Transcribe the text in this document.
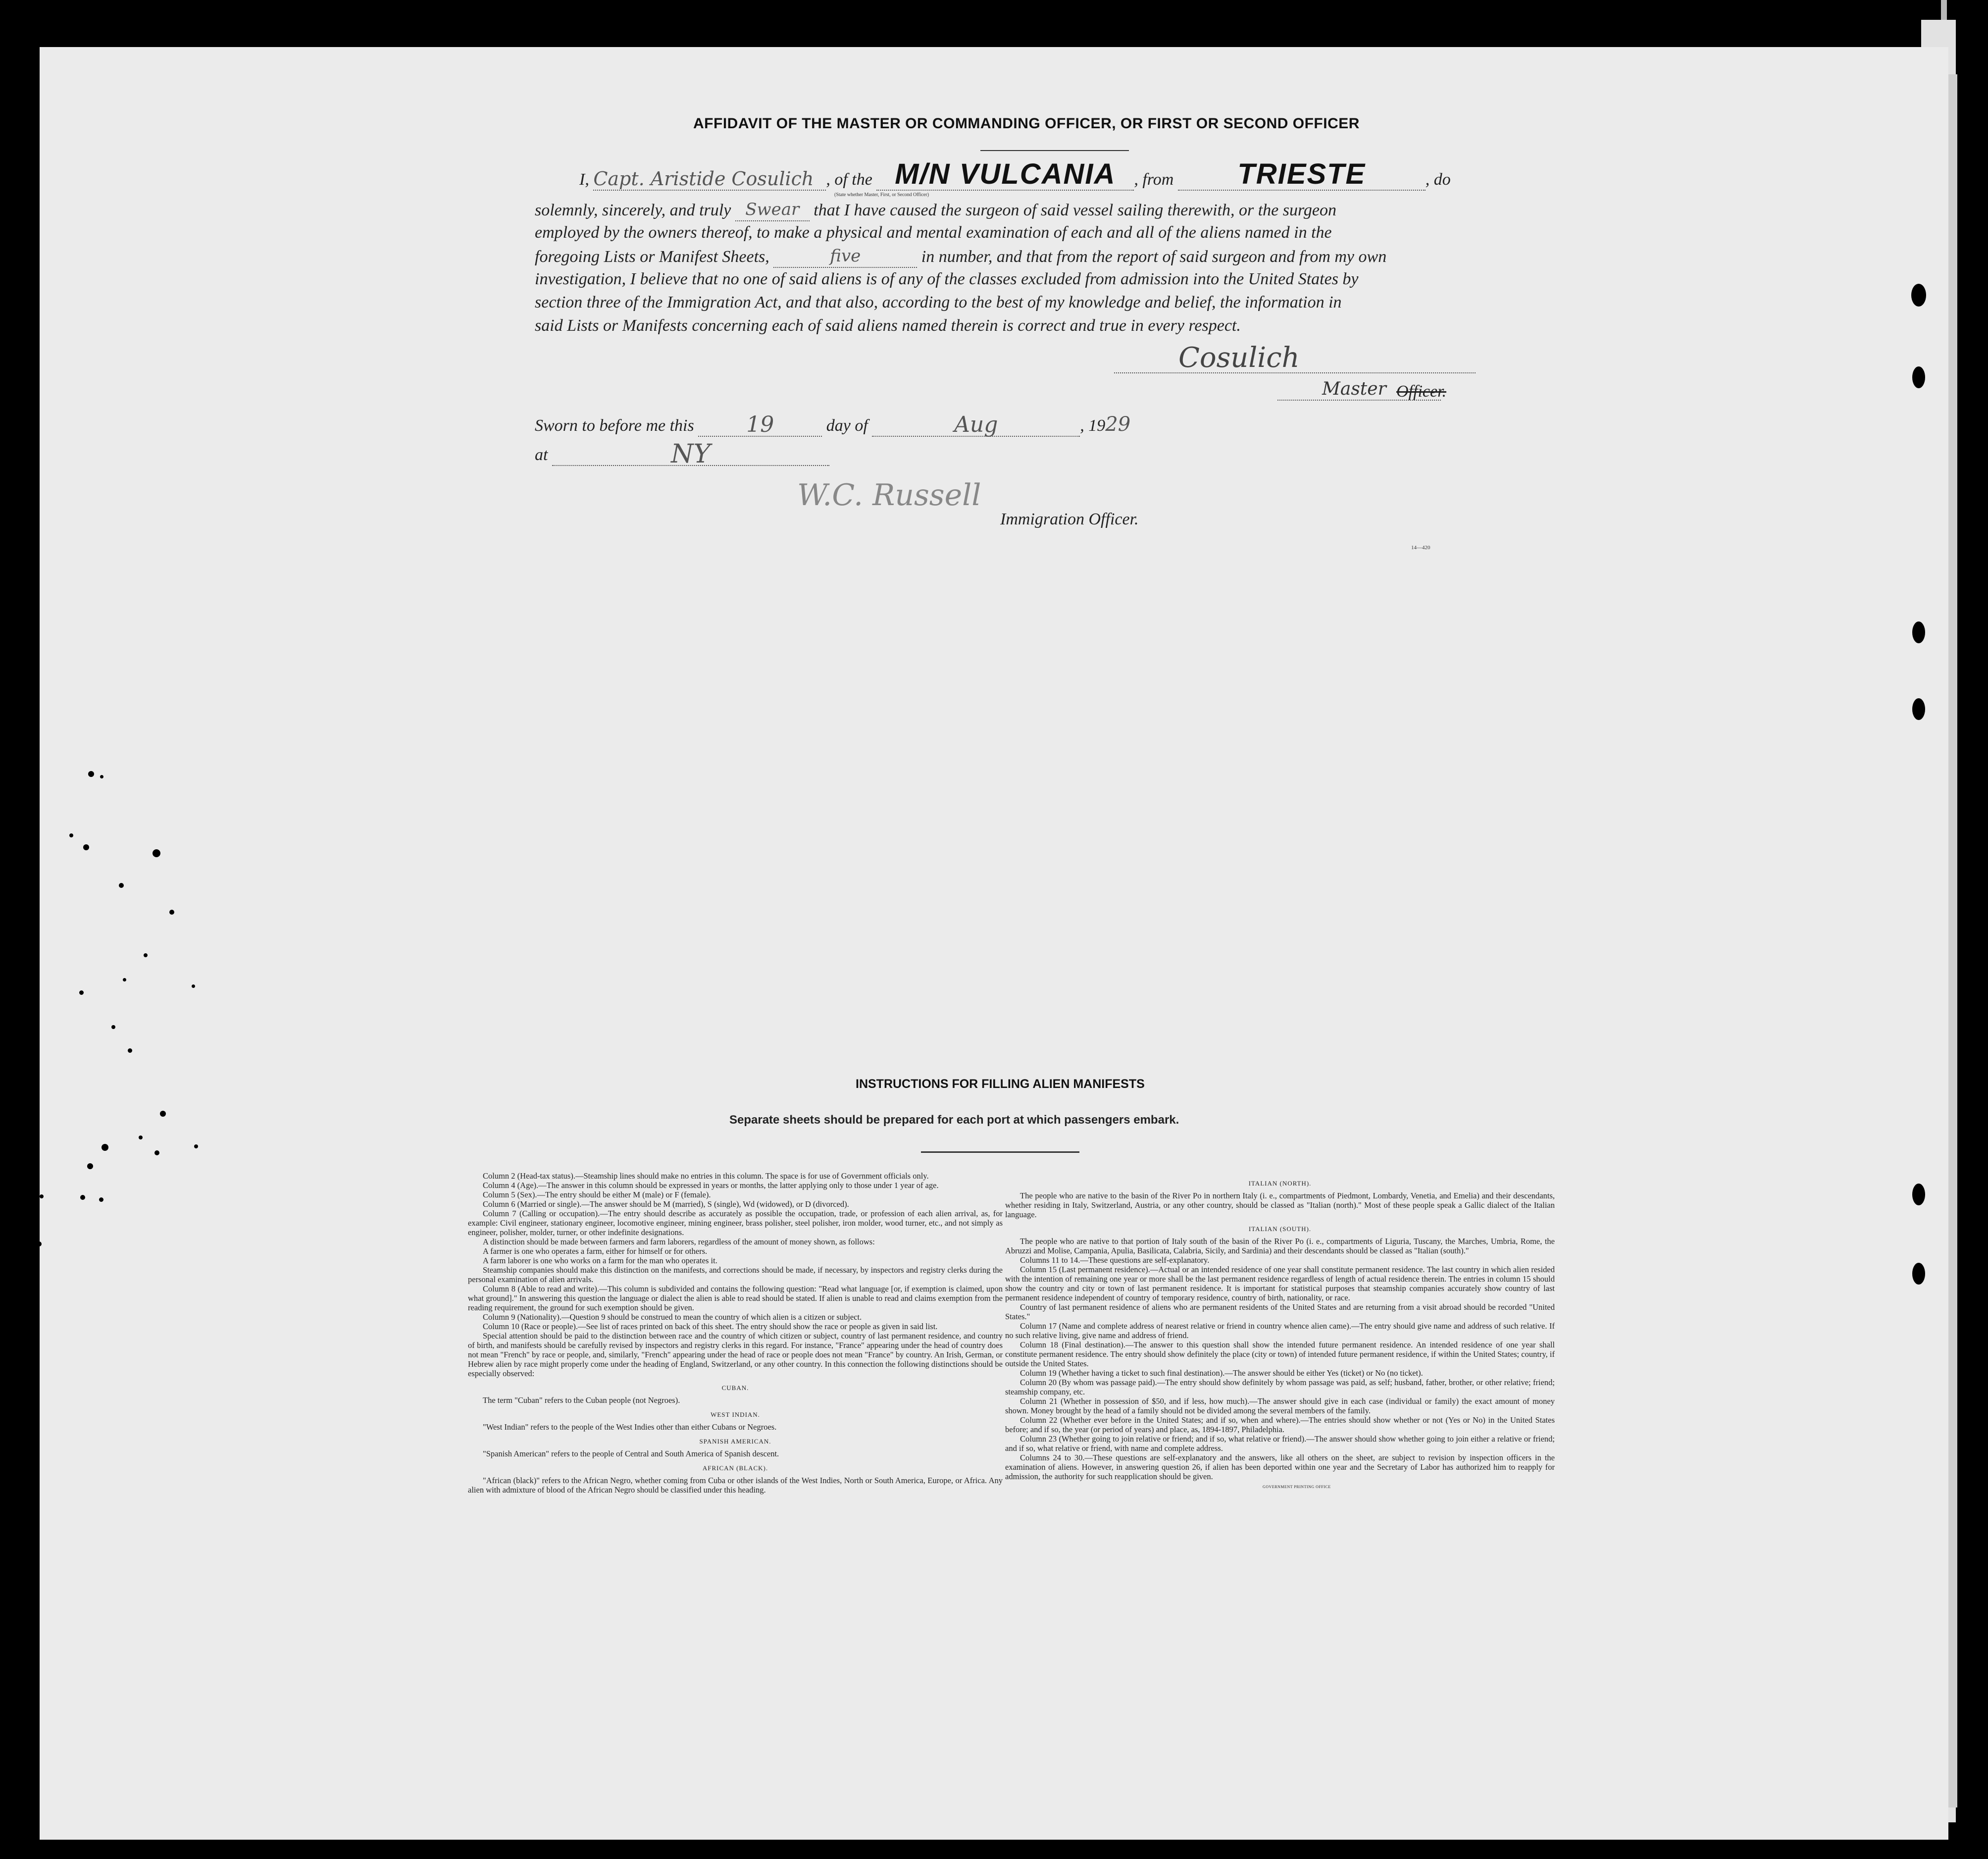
AFFIDAVIT OF THE MASTER OR COMMANDING OFFICER, OR FIRST OR SECOND OFFICER
I, Capt. Aristide Cosulich , of the M/N VULCANIA , from TRIESTE	, do
(State whether Master, First, or Second Officer)
solemnly, sincerely, and truly Swear that I have caused the surgeon of said vessel sailing therewith, or the surgeon
employed by the owners thereof, to make a physical and mental examination of each and all of the aliens named in the
foregoing Lists or Manifest Sheets,	five	in number, and that from the report of said surgeon and from my own
investigation, I believe that no one of said aliens is of any of the classes excluded from admission into the United States by
section three of the Immigration Act, and that also, according to the best of my knowledge and belief, the information in
said Lists or Manifests concerning each of said aliens named therein is correct and true in every respect.
Cosulich
Master Officer.
Sworn to before me this 19	day of	Aug	, 1929
at	NY
W.C. Russell
Immigration Officer.
14—420
INSTRUCTIONS FOR FILLING ALIEN MANIFESTS
Separate sheets should be prepared for each port at which passengers embark.

Column 2 (Head-tax status).—Steamship lines should make no entries in this column. The space is for use of Government officials only.

Column 4 (Age).—The answer in this column should be expressed in years or months, the latter applying only to those under 1 year of age.

Column 5 (Sex).—The entry should be either M (male) or F (female).

Column 6 (Married or single).—The answer should be M (married), S (single), Wd (widowed), or D (divorced).

Column 7 (Calling or occupation).—The entry should describe as accurately as possible the occupation, trade, or profession of each alien arrival, as, for example: Civil engineer, stationary engineer, locomotive engineer, mining engineer, brass polisher, steel polisher, iron molder, wood turner, etc., and not simply as engineer, polisher, molder, turner, or other indefinite designations.

A distinction should be made between farmers and farm laborers, regardless of the amount of money shown, as follows:

A farmer is one who operates a farm, either for himself or for others.

A farm laborer is one who works on a farm for the man who operates it.

Steamship companies should make this distinction on the manifests, and corrections should be made, if necessary, by inspectors and registry clerks during the personal examination of alien arrivals.

Column 8 (Able to read and write).—This column is subdivided and contains the following question: "Read what language [or, if exemption is claimed, upon what ground]." In answering this question the language or dialect the alien is able to read should be stated. If alien is unable to read and claims exemption from the reading requirement, the ground for such exemption should be given.

Column 9 (Nationality).—Question 9 should be construed to mean the country of which alien is a citizen or subject.

Column 10 (Race or people).—See list of races printed on back of this sheet. The entry should show the race or people as given in said list.

Special attention should be paid to the distinction between race and the country of which citizen or subject, country of last permanent residence, and country of birth, and manifests should be carefully revised by inspectors and registry clerks in this regard. For instance, "France" appearing under the head of country does not mean "French" by race or people, and, similarly, "French" appearing under the head of race or people does not mean "France" by country. An Irish, German, or Hebrew alien by race might properly come under the heading of England, Switzerland, or any other country. In this connection the following distinctions should be especially observed:

CUBAN.

The term "Cuban" refers to the Cuban people (not Negroes).

WEST INDIAN.

"West Indian" refers to the people of the West Indies other than either Cubans or Negroes.

SPANISH AMERICAN.

"Spanish American" refers to the people of Central and South America of Spanish descent.

AFRICAN (BLACK).

"African (black)" refers to the African Negro, whether coming from Cuba or other islands of the West Indies, North or South America, Europe, or Africa. Any alien with admixture of blood of the African Negro should be classified under this heading.

ITALIAN (NORTH).

The people who are native to the basin of the River Po in northern Italy (i. e., compartments of Piedmont, Lombardy, Venetia, and Emelia) and their descendants, whether residing in Italy, Switzerland, Austria, or any other country, should be classed as "Italian (north)." Most of these people speak a Gallic dialect of the Italian language.

ITALIAN (SOUTH).

The people who are native to that portion of Italy south of the basin of the River Po (i. e., compartments of Liguria, Tuscany, the Marches, Umbria, Rome, the Abruzzi and Molise, Campania, Apulia, Basilicata, Calabria, Sicily, and Sardinia) and their descendants should be classed as "Italian (south)."

Columns 11 to 14.—These questions are self-explanatory.

Column 15 (Last permanent residence).—Actual or an intended residence of one year shall constitute permanent residence. The last country in which alien resided with the intention of remaining one year or more shall be the last permanent residence regardless of length of actual residence therein. The entries in column 15 should show the country and city or town of last permanent residence. It is important for statistical purposes that steamship companies accurately show country of last permanent residence independent of country of temporary residence, country of birth, nationality, or race.

Country of last permanent residence of aliens who are permanent residents of the United States and are returning from a visit abroad should be recorded "United States."

Column 17 (Name and complete address of nearest relative or friend in country whence alien came).—The entry should give name and address of such relative. If no such relative living, give name and address of friend.

Column 18 (Final destination).—The answer to this question shall show the intended future permanent residence. An intended residence of one year shall constitute permanent residence. The entry should show definitely the place (city or town) of intended future permanent residence, if within the United States; country, if outside the United States.

Column 19 (Whether having a ticket to such final destination).—The answer should be either Yes (ticket) or No (no ticket).

Column 20 (By whom was passage paid).—The entry should show definitely by whom passage was paid, as self; husband, father, brother, or other relative; friend; steamship company, etc.

Column 21 (Whether in possession of $50, and if less, how much).—The answer should give in each case (individual or family) the exact amount of money shown. Money brought by the head of a family should not be divided among the several members of the family.

Column 22 (Whether ever before in the United States; and if so, when and where).—The entries should show whether or not (Yes or No) in the United States before; and if so, the year (or period of years) and place, as, 1894-1897, Philadelphia.

Column 23 (Whether going to join relative or friend; and if so, what relative or friend).—The answer should show whether going to join either a relative or friend; and if so, what relative or friend, with name and complete address.

Columns 24 to 30.—These questions are self-explanatory and the answers, like all others on the sheet, are subject to revision by inspection officers in the examination of aliens. However, in answering question 26, if alien has been deported within one year and the Secretary of Labor has authorized him to reapply for admission, the authority for such reapplication should be given.

GOVERNMENT PRINTING OFFICE
